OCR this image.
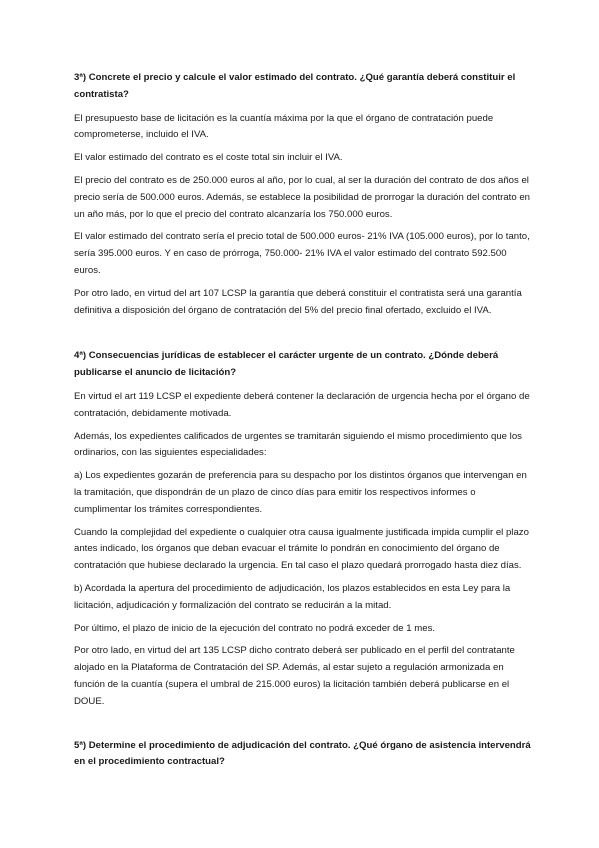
3ª) Concrete el precio y calcule el valor estimado del contrato. ¿Qué garantía deberá constituir el contratista?

El presupuesto base de licitación es la cuantía máxima por la que el órgano de contratación puede comprometerse, incluido el IVA.

El valor estimado del contrato es el coste total sin incluir el IVA.

El precio del contrato es de 250.000 euros al año, por lo cual, al ser la duración del contrato de dos años el precio sería de 500.000 euros. Además, se establece la posibilidad de prorrogar la duración del contrato en un año más, por lo que el precio del contrato alcanzaría los 750.000 euros.

El valor estimado del contrato sería el precio total de 500.000 euros- 21% IVA (105.000 euros), por lo tanto, sería 395.000 euros. Y en caso de prórroga, 750.000- 21% IVA el valor estimado del contrato 592.500 euros.

Por otro lado, en virtud del art 107 LCSP la garantía que deberá constituir el contratista será una garantía definitiva a disposición del órgano de contratación del 5% del precio final ofertado, excluido el IVA.

4ª) Consecuencias jurídicas de establecer el carácter urgente de un contrato. ¿Dónde deberá publicarse el anuncio de licitación?

En virtud el art 119 LCSP el expediente deberá contener la declaración de urgencia hecha por el órgano de contratación, debidamente motivada.

Además, los expedientes calificados de urgentes se tramitarán siguiendo el mismo procedimiento que los ordinarios, con las siguientes especialidades:

a) Los expedientes gozarán de preferencia para su despacho por los distintos órganos que intervengan en la tramitación, que dispondrán de un plazo de cinco días para emitir los respectivos informes o cumplimentar los trámites correspondientes.

Cuando la complejidad del expediente o cualquier otra causa igualmente justificada impida cumplir el plazo antes indicado, los órganos que deban evacuar el trámite lo pondrán en conocimiento del órgano de contratación que hubiese declarado la urgencia. En tal caso el plazo quedará prorrogado hasta diez días.

b) Acordada la apertura del procedimiento de adjudicación, los plazos establecidos en esta Ley para la licitación, adjudicación y formalización del contrato se reducirán a la mitad.

Por último, el plazo de inicio de la ejecución del contrato no podrá exceder de 1 mes.

Por otro lado, en virtud del art 135 LCSP dicho contrato deberá ser publicado en el perfil del contratante alojado en la Plataforma de Contratación del SP. Además, al estar sujeto a regulación armonizada en función de la cuantía (supera el umbral de 215.000 euros) la licitación también deberá publicarse en el DOUE.

5ª) Determine el procedimiento de adjudicación del contrato. ¿Qué órgano de asistencia intervendrá en el procedimiento contractual?
